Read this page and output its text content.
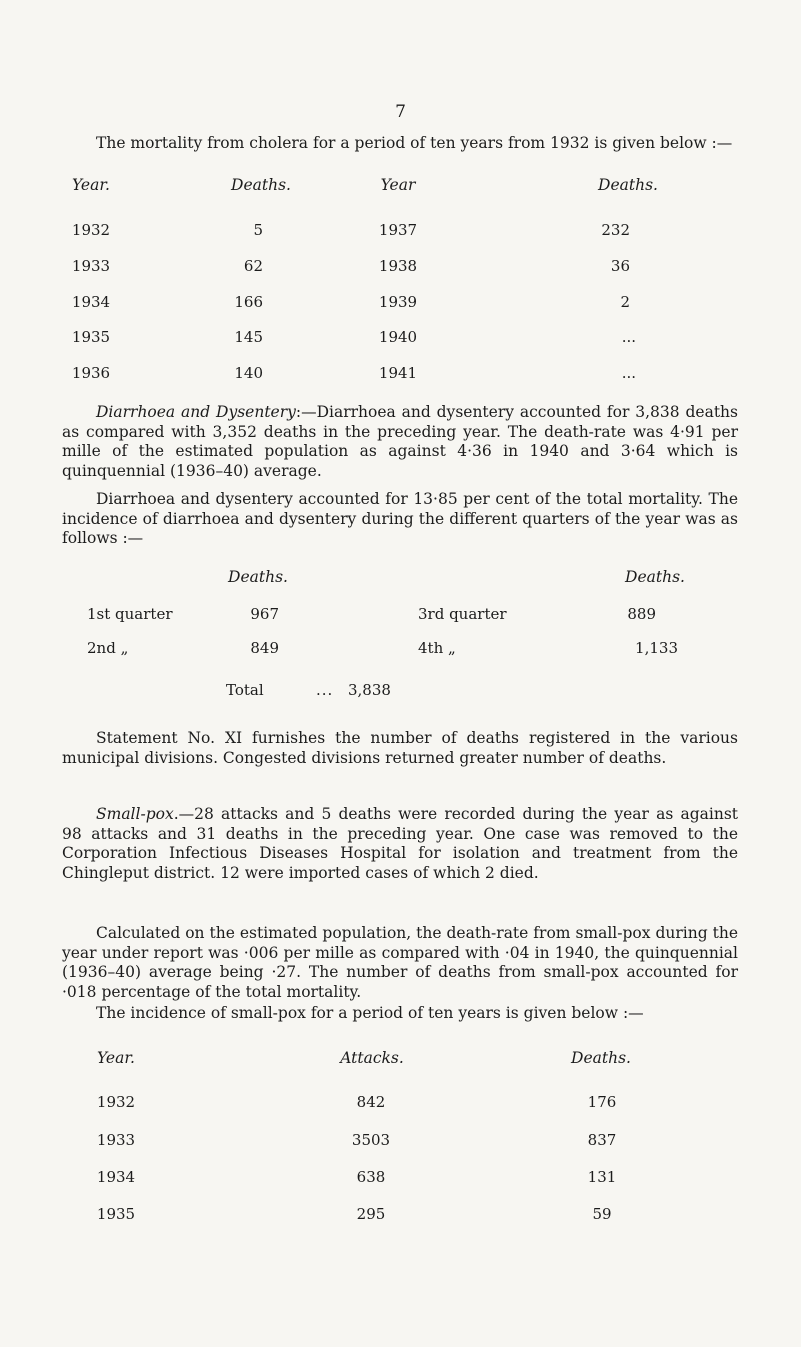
7
The mortality from cholera for a period of ten years from 1932 is given below :—
Year.	Deaths.	Year	Deaths.
1932	5	1937	232
1933	62	1938	36
1934	166	1939	2
1935	145	1940	...
1936	140	1941	...
Diarrhoea and Dysentery:—Diarrhoea and dysentery accounted for 3,838 deaths as compared with 3,352 deaths in the preceding year. The death-rate was 4·91 per mille of the estimated population as against 4·36 in 1940 and 3·64 which is quinquennial (1936–40) average.
Diarrhoea and dysentery accounted for 13·85 per cent of the total mortality. The incidence of diarrhoea and dysentery during the different quarters of the year was as follows :—
Deaths.	Deaths.
1st quarter	967	3rd quarter	889
2nd „	849	4th „	1,133
Total	... 3,838
Statement No. XI furnishes the number of deaths registered in the various municipal divisions. Congested divisions returned greater number of deaths.
Small-pox.—28 attacks and 5 deaths were recorded during the year as against 98 attacks and 31 deaths in the preceding year. One case was removed to the Corporation Infectious Diseases Hospital for isolation and treatment from the Chingleput district. 12 were imported cases of which 2 died.
Calculated on the estimated population, the death-rate from small-pox during the year under report was ·006 per mille as compared with ·04 in 1940, the quinquennial (1936–40) average being ·27. The number of deaths from small-pox accounted for ·018 percentage of the total mortality.
The incidence of small-pox for a period of ten years is given below :—
Year.	Attacks.	Deaths.
1932	842	176
1933	3503	837
1934	638	131
1935	295	59
